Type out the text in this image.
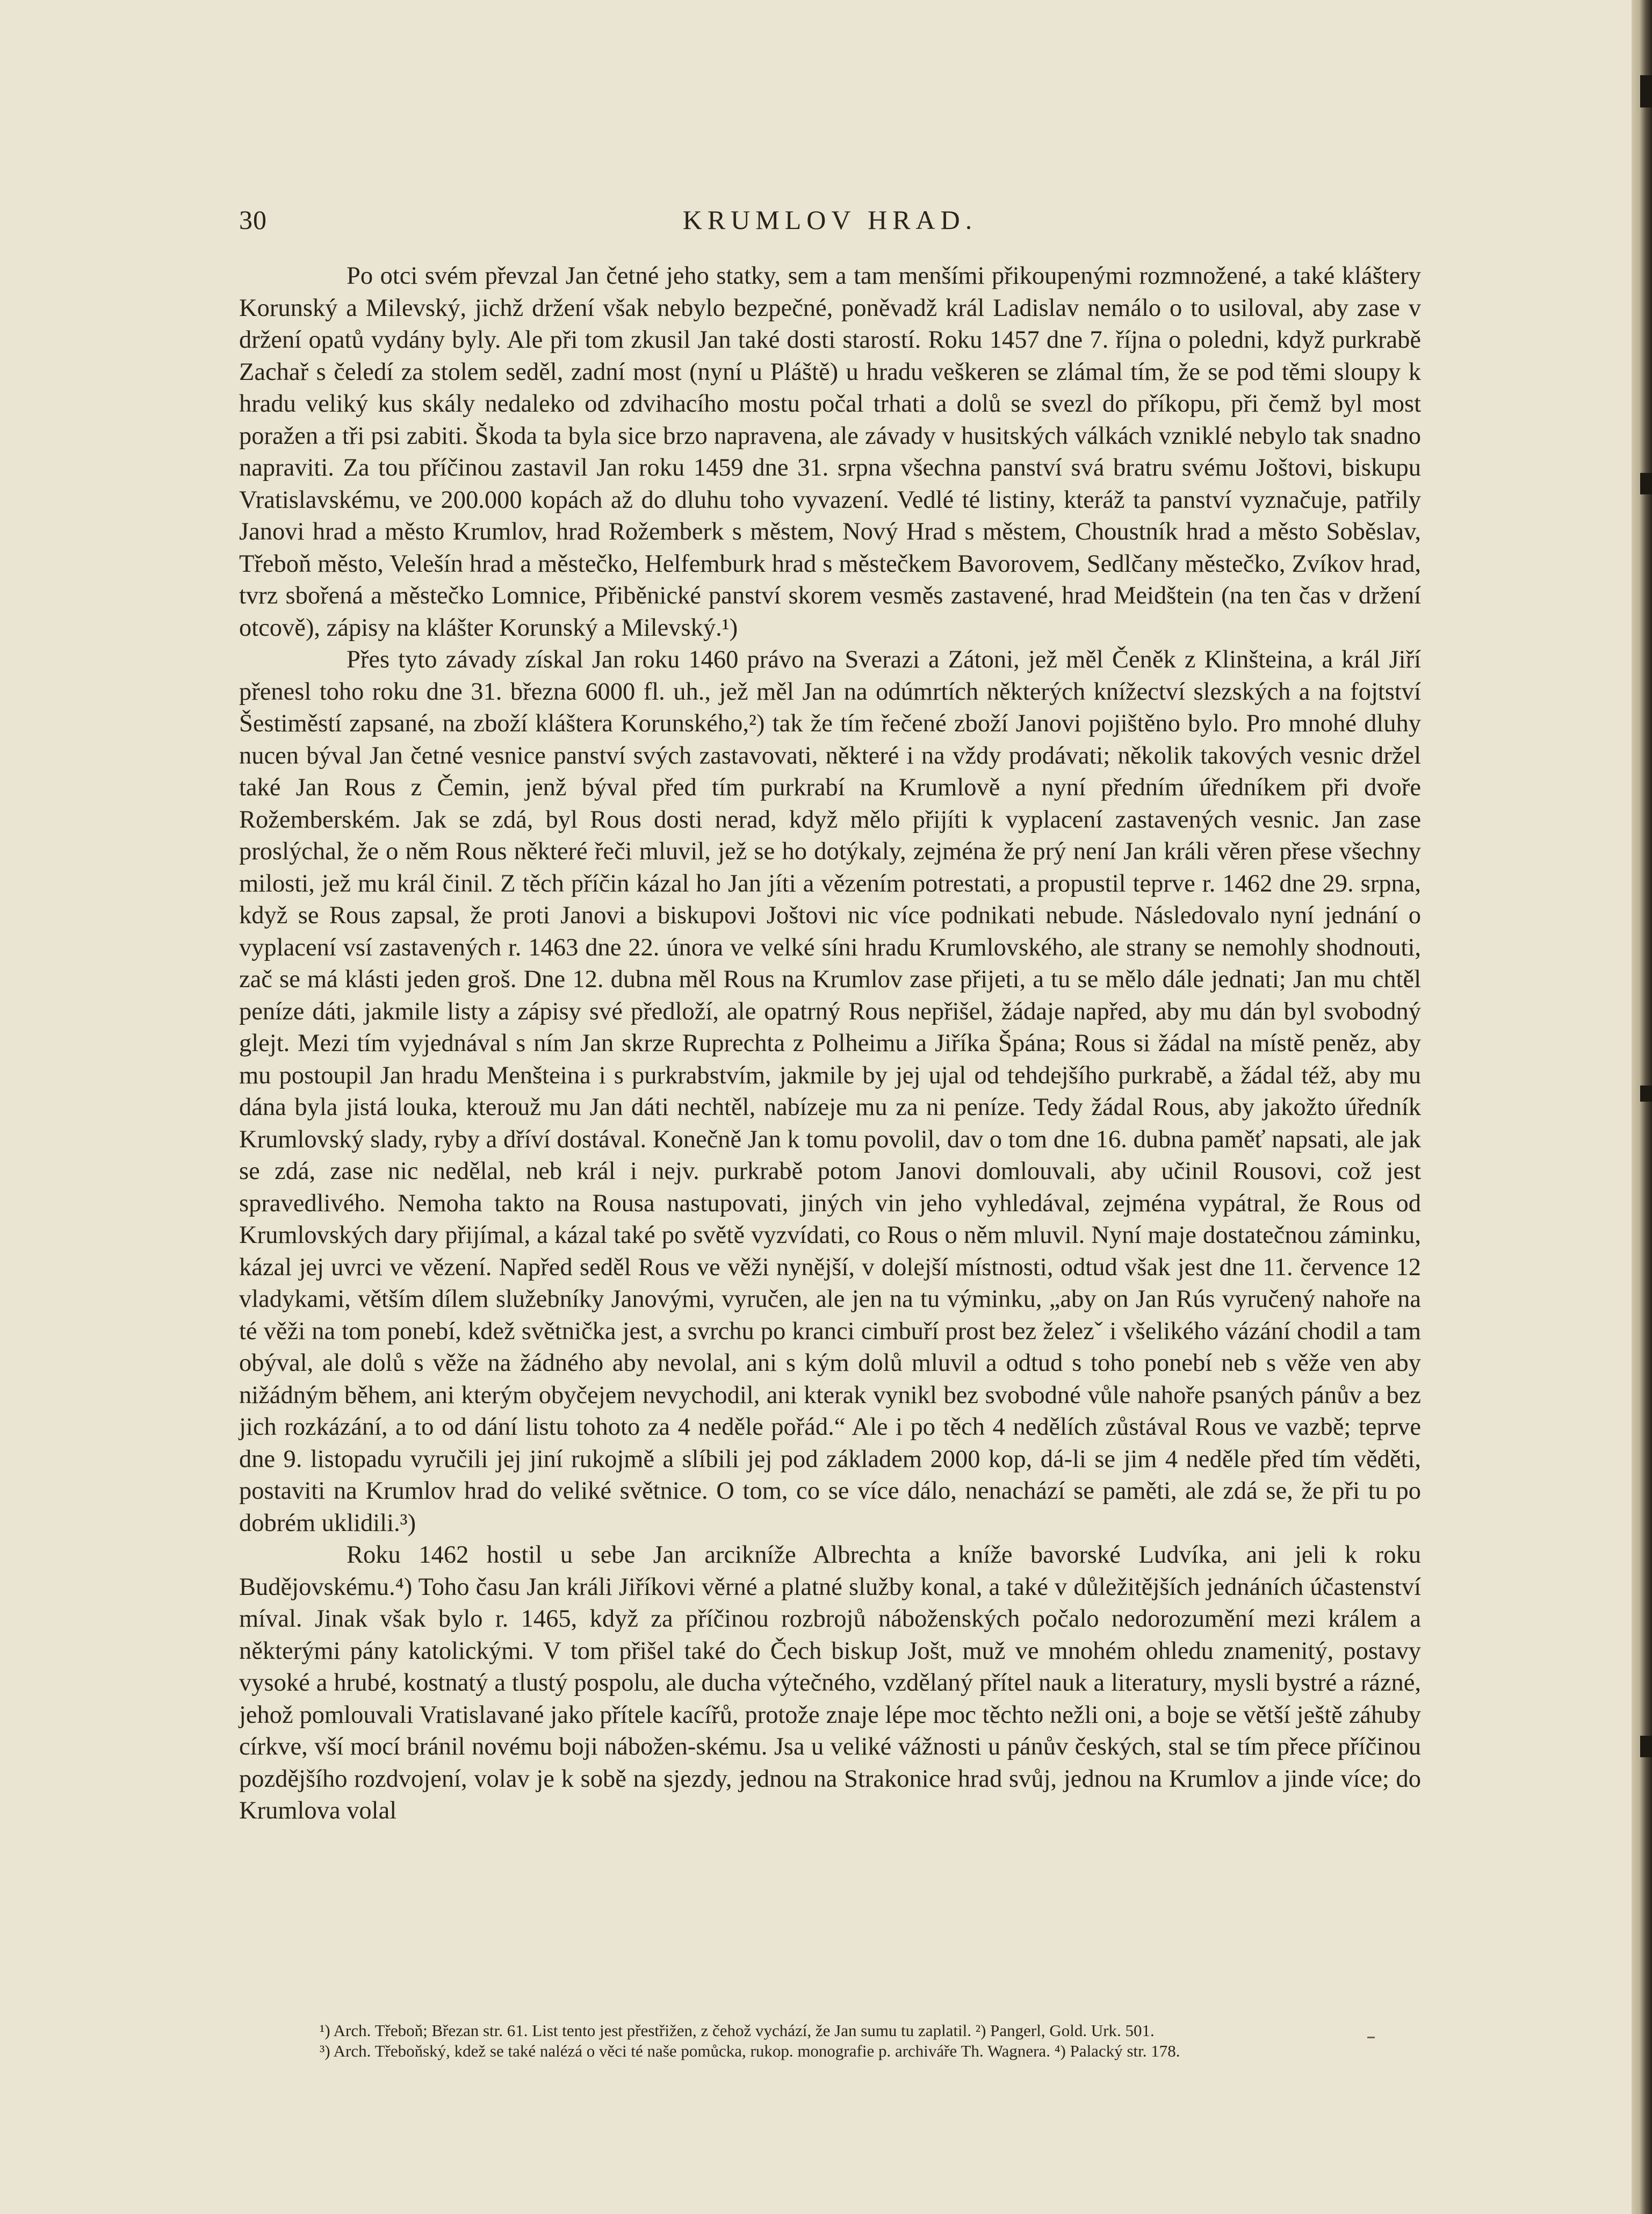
30	KRUMLOV HRAD.

Po otci svém převzal Jan četné jeho statky, sem a tam menšími přikoupenými rozmnožené, a také kláštery Korunský a Milevský, jichž držení však nebylo bezpečné, poněvadž král Ladislav nemálo o to usiloval, aby zase v držení opatů vydány byly. Ale při tom zkusil Jan také dosti starostí. Roku 1457 dne 7. října o poledni, když purkrabě Zachař s čeledí za stolem seděl, zadní most (nyní u Pláště) u hradu veškeren se zlámal tím, že se pod těmi sloupy k hradu veliký kus skály nedaleko od zdvihacího mostu počal trhati a dolů se svezl do příkopu, při čemž byl most poražen a tři psi zabiti. Škoda ta byla sice brzo napravena, ale závady v husitských válkách vzniklé nebylo tak snadno napraviti. Za tou příčinou zastavil Jan roku 1459 dne 31. srpna všechna panství svá bratru svému Joštovi, biskupu Vratislavskému, ve 200.000 kopách až do dluhu toho vyvazení. Vedlé té listiny, kteráž ta panství vyznačuje, patřily Janovi hrad a město Krumlov, hrad Rožemberk s městem, Nový Hrad s městem, Choustník hrad a město Soběslav, Třeboň město, Velešín hrad a městečko, Helfemburk hrad s městečkem Bavorovem, Sedlčany městečko, Zvíkov hrad, tvrz sbořená a městečko Lomnice, Přiběnické panství skorem vesměs zastavené, hrad Meidštein (na ten čas v držení otcově), zápisy na klášter Korunský a Milevský.¹)

Přes tyto závady získal Jan roku 1460 právo na Sverazi a Zátoni, jež měl Čeněk z Klinšteina, a král Jiří přenesl toho roku dne 31. března 6000 fl. uh., jež měl Jan na odúmrtích některých knížectví slezských a na fojtství Šestiměstí zapsané, na zboží kláštera Korunského,²) tak že tím řečené zboží Janovi pojištěno bylo. Pro mnohé dluhy nucen býval Jan četné vesnice panství svých zastavovati, některé i na vždy prodávati; několik takových vesnic držel také Jan Rous z Čemin, jenž býval před tím purkrabí na Krumlově a nyní předním úředníkem při dvoře Rožemberském. Jak se zdá, byl Rous dosti nerad, když mělo přijíti k vyplacení zastavených vesnic. Jan zase proslýchal, že o něm Rous některé řeči mluvil, jež se ho dotýkaly, zejména že prý není Jan králi věren přese všechny milosti, jež mu král činil. Z těch příčin kázal ho Jan jíti a vězením potrestati, a propustil teprve r. 1462 dne 29. srpna, když se Rous zapsal, že proti Janovi a biskupovi Joštovi nic více podnikati nebude. Následovalo nyní jednání o vyplacení vsí zastavených r. 1463 dne 22. února ve velké síni hradu Krumlovského, ale strany se nemohly shodnouti, zač se má klásti jeden groš. Dne 12. dubna měl Rous na Krumlov zase přijeti, a tu se mělo dále jednati; Jan mu chtěl peníze dáti, jakmile listy a zápisy své předloží, ale opatrný Rous nepřišel, žádaje napřed, aby mu dán byl svobodný glejt. Mezi tím vyjednával s ním Jan skrze Ruprechta z Polheimu a Jiříka Špána; Rous si žádal na místě peněz, aby mu postoupil Jan hradu Menšteina i s purkrabstvím, jakmile by jej ujal od tehdejšího purkrabě, a žádal též, aby mu dána byla jistá louka, kterouž mu Jan dáti nechtěl, nabízeje mu za ni peníze. Tedy žádal Rous, aby jakožto úředník Krumlovský slady, ryby a dříví dostával. Konečně Jan k tomu povolil, dav o tom dne 16. dubna paměť napsati, ale jak se zdá, zase nic nedělal, neb král i nejv. purkrabě potom Janovi domlouvali, aby učinil Rousovi, což jest spravedlivého. Nemoha takto na Rousa nastupovati, jiných vin jeho vyhledával, zejména vypátral, že Rous od Krumlovských dary přijímal, a kázal také po světě vyzvídati, co Rous o něm mluvil. Nyní maje dostatečnou záminku, kázal jej uvrci ve vězení. Napřed seděl Rous ve věži nynější, v dolejší místnosti, odtud však jest dne 11. července 12 vladykami, větším dílem služebníky Janovými, vyručen, ale jen na tu výminku, „aby on Jan Rús vyručený nahoře na té věži na tom ponebí, kdež světnička jest, a svrchu po kranci cimbuří prost bez železˇ i všelikého vázání chodil a tam obýval, ale dolů s věže na žádného aby nevolal, ani s kým dolů mluvil a odtud s toho ponebí neb s věže ven aby nižádným během, ani kterým obyčejem nevychodil, ani kterak vynikl bez svobodné vůle nahoře psaných pánův a bez jich rozkázání, a to od dání listu tohoto za 4 neděle pořád.“ Ale i po těch 4 nedělích zůstával Rous ve vazbě; teprve dne 9. listopadu vyručili jej jiní rukojmě a slíbili jej pod základem 2000 kop, dá-li se jim 4 neděle před tím věděti, postaviti na Krumlov hrad do veliké světnice. O tom, co se více dálo, nenachází se paměti, ale zdá se, že při tu po dobrém uklidili.³)

Roku 1462 hostil u sebe Jan arcikníže Albrechta a kníže bavorské Ludvíka, ani jeli k roku Budějovskému.⁴) Toho času Jan králi Jiříkovi věrné a platné služby konal, a také v důležitějších jednáních účastenství míval. Jinak však bylo r. 1465, když za příčinou rozbrojů náboženských počalo nedorozumění mezi králem a některými pány katolickými. V tom přišel také do Čech biskup Jošt, muž ve mnohém ohledu znamenitý, postavy vysoké a hrubé, kostnatý a tlustý pospolu, ale ducha výtečného, vzdělaný přítel nauk a literatury, mysli bystré a rázné, jehož pomlouvali Vratislavané jako přítele kacířů, protože znaje lépe moc těchto nežli oni, a boje se větší ještě záhuby církve, vší mocí bránil novému boji nábožen-skému. Jsa u veliké vážnosti u pánův českých, stal se tím přece příčinou pozdějšího rozdvojení, volav je k sobě na sjezdy, jednou na Strakonice hrad svůj, jednou na Krumlov a jinde více; do Krumlova volal

¹) Arch. Třeboň; Březan str. 61. List tento jest přestřižen, z čehož vychází, že Jan sumu tu zaplatil. ²) Pangerl, Gold. Urk. 501.

³) Arch. Třeboňský, kdež se také nalézá o věci té naše pomůcka, rukop. monografie p. archiváře Th. Wagnera. ⁴) Palacký str. 178.
